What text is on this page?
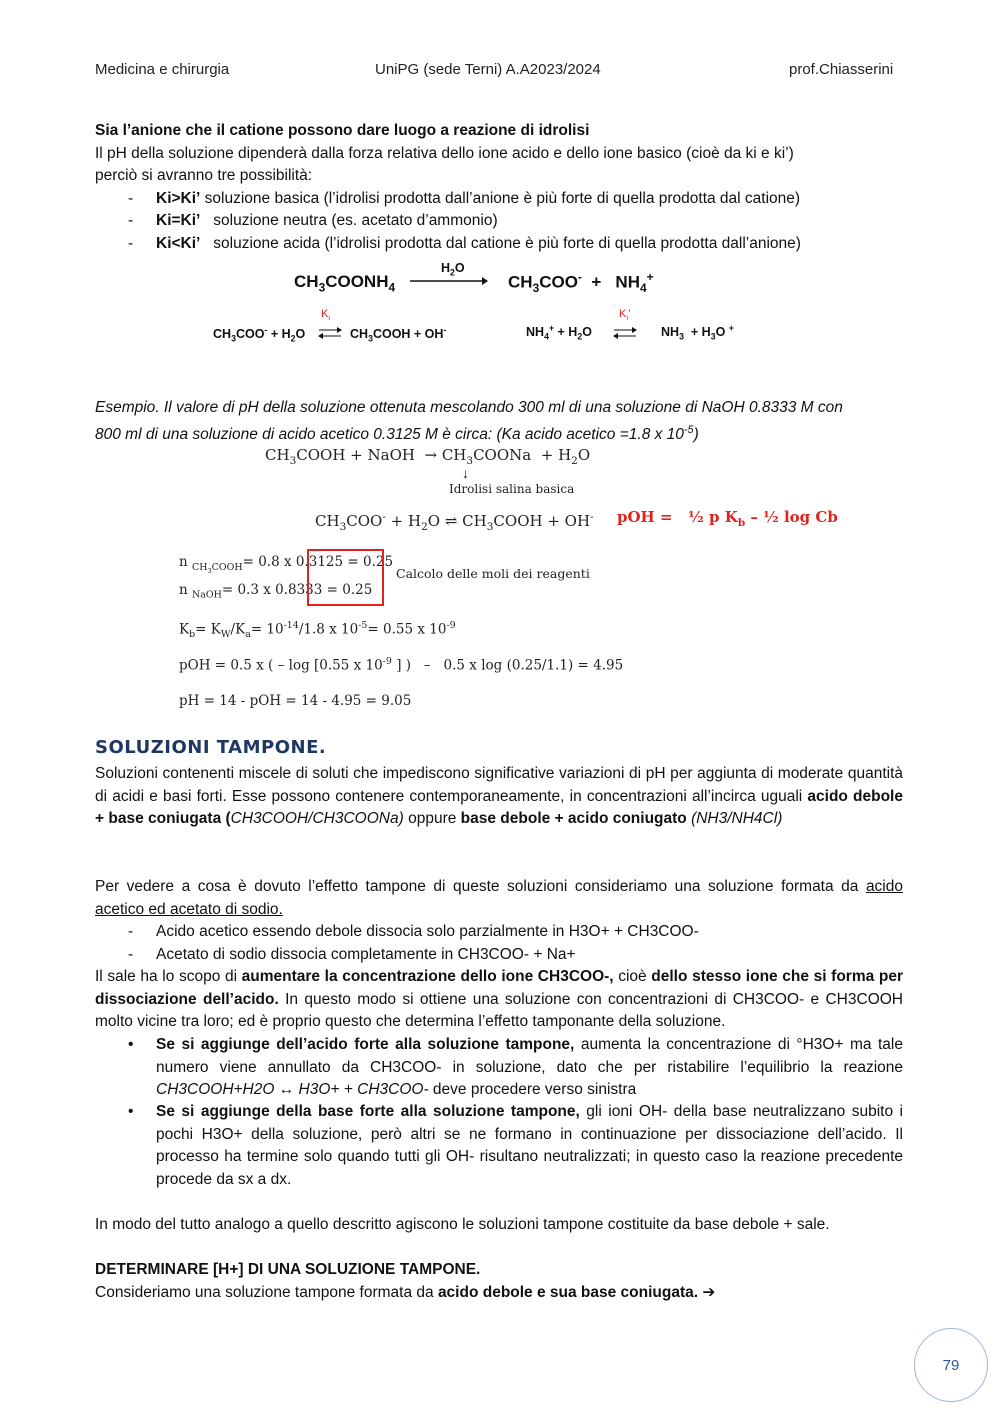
Medicina e chirurgia	UniPG (sede Terni) A.A2023/2024	prof.Chiasserini
Sia l’anione che il catione possono dare luogo a reazione di idrolisi
Il pH della soluzione dipenderà dalla forza relativa dello ione acido e dello ione basico (cioè da ki e ki’)
perciò si avranno tre possibilità:
- Ki>Ki’ soluzione basica (l’idrolisi prodotta dall’anione è più forte di quella prodotta dal catione)
- Ki=Ki’ soluzione neutra (es. acetato d’ammonio)
- Ki<Ki’ soluzione acida (l’idrolisi prodotta dal catione è più forte di quella prodotta dall’anione)
$H_2O$
$CH_3COONH_4$	$CH_3COO^- + NH_4^+$
$K_i$
$CH_3COO^- + H_2O$ ⇌ $CH_3COOH + OH^-$
$K_i$’
$NH_4^+ + H_2O$ ⇌ $NH_3 + H_3O$ +
Esempio. Il valore di pH della soluzione ottenuta mescolando 300 ml di una soluzione di NaOH 0.8333 M con
800 ml di una soluzione di acido acetico 0.3125 M è circa: (Ka acido acetico =1.8 x $10^{-5}$)
$CH_3COOH$ + NaOH  → $CH_3COONa + H_2O$
↓
Idrolisi salina basica
$CH_3COO^- + H_2O$ ⇌ $CH_3COOH + OH^-$ pOH =   ½ p $K_b$ – ½ log Cb
n $_{CH_3COOH}$= 0.8 x 0.3125 = 0.25
n $_{NaOH}$= 0.3 x 0.8333 = 0.25
Calcolo delle moli dei reagenti
$K_b= K_W/K_a= 10^{-14}/1.8$ x $10^{-5}= 0.55$ x $10^{-9}$
pOH = 0.5 x ( – log [0.55 x $10^{-9}$ ] )   –   0.5 x log (0.25/1.1) = 4.95
pH = 14 - pOH = 14 - 4.95 = 9.05
SOLUZIONI TAMPONE.
Soluzioni contenenti miscele di soluti che impediscono significative variazioni di pH per aggiunta di moderate quantità di acidi e basi forti. Esse possono contenere contemporaneamente, in concentrazioni all’incirca uguali acido debole + base coniugata (CH3COOH/CH3COONa) oppure base debole + acido coniugato (NH3/NH4Cl)
Per vedere a cosa è dovuto l’effetto tampone di queste soluzioni consideriamo una soluzione formata da acido acetico ed acetato di sodio.
- Acido acetico essendo debole dissocia solo parzialmente in H3O+ + CH3COO-
- Acetato di sodio dissocia completamente in CH3COO- + Na+
Il sale ha lo scopo di aumentare la concentrazione dello ione CH3COO-, cioè dello stesso ione che si forma per dissociazione dell’acido. In questo modo si ottiene una soluzione con concentrazioni di CH3COO- e CH3COOH molto vicine tra loro; ed è proprio questo che determina l’effetto tamponante della soluzione.
• Se si aggiunge dell’acido forte alla soluzione tampone, aumenta la concentrazione di °H3O+ ma tale numero viene annullato da CH3COO- in soluzione, dato che per ristabilire l’equilibrio la reazione CH3COOH+H2O ↔ H3O+ + CH3COO- deve procedere verso sinistra
• Se si aggiunge della base forte alla soluzione tampone, gli ioni OH- della base neutralizzano subito i pochi H3O+ della soluzione, però altri se ne formano in continuazione per dissociazione dell’acido. Il processo ha termine solo quando tutti gli OH- risultano neutralizzati; in questo caso la reazione precedente procede da sx a dx.
In modo del tutto analogo a quello descritto agiscono le soluzioni tampone costituite da base debole + sale.
DETERMINARE [H+] DI UNA SOLUZIONE TAMPONE.
Consideriamo una soluzione tampone formata da acido debole e sua base coniugata. ➔
79
